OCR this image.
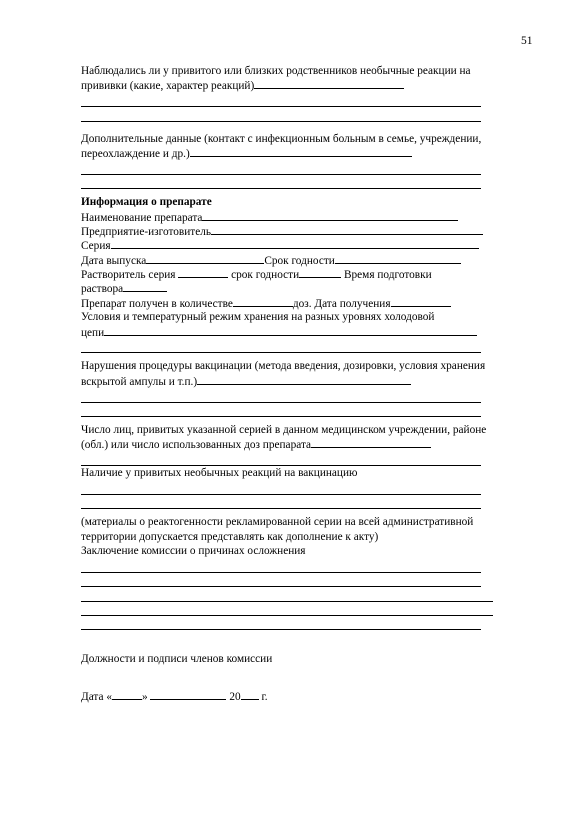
51
Наблюдались ли у привитого или близких родственников необычные реакции на
прививки (какие, характер реакций)
Дополнительные данные (контакт с инфекционным больным в семье, учреждении,
переохлаждение и др.)
Информация о препарате
Наименование препарата
Предприятие-изготовитель
Серия
Дата выпуска	Срок годности
Растворитель серия	срок годности	Время подготовки
раствора
Препарат получен в количестве	доз. Дата получения
Условия и температурный режим хранения на разных уровнях холодовой
цепи
Нарушения процедуры вакцинации (метода введения, дозировки, условия хранения
вскрытой ампулы и т.п.)
Число лиц, привитых указанной серией в данном медицинском учреждении, районе
(обл.) или число использованных доз препарата
Наличие у привитых необычных реакций на вакцинацию
(материалы о реактогенности рекламированной серии на всей административной
территории допускается представлять как дополнение к акту)
Заключение комиссии о причинах осложнения
Должности и подписи членов комиссии
Дата «	»	20 г.
